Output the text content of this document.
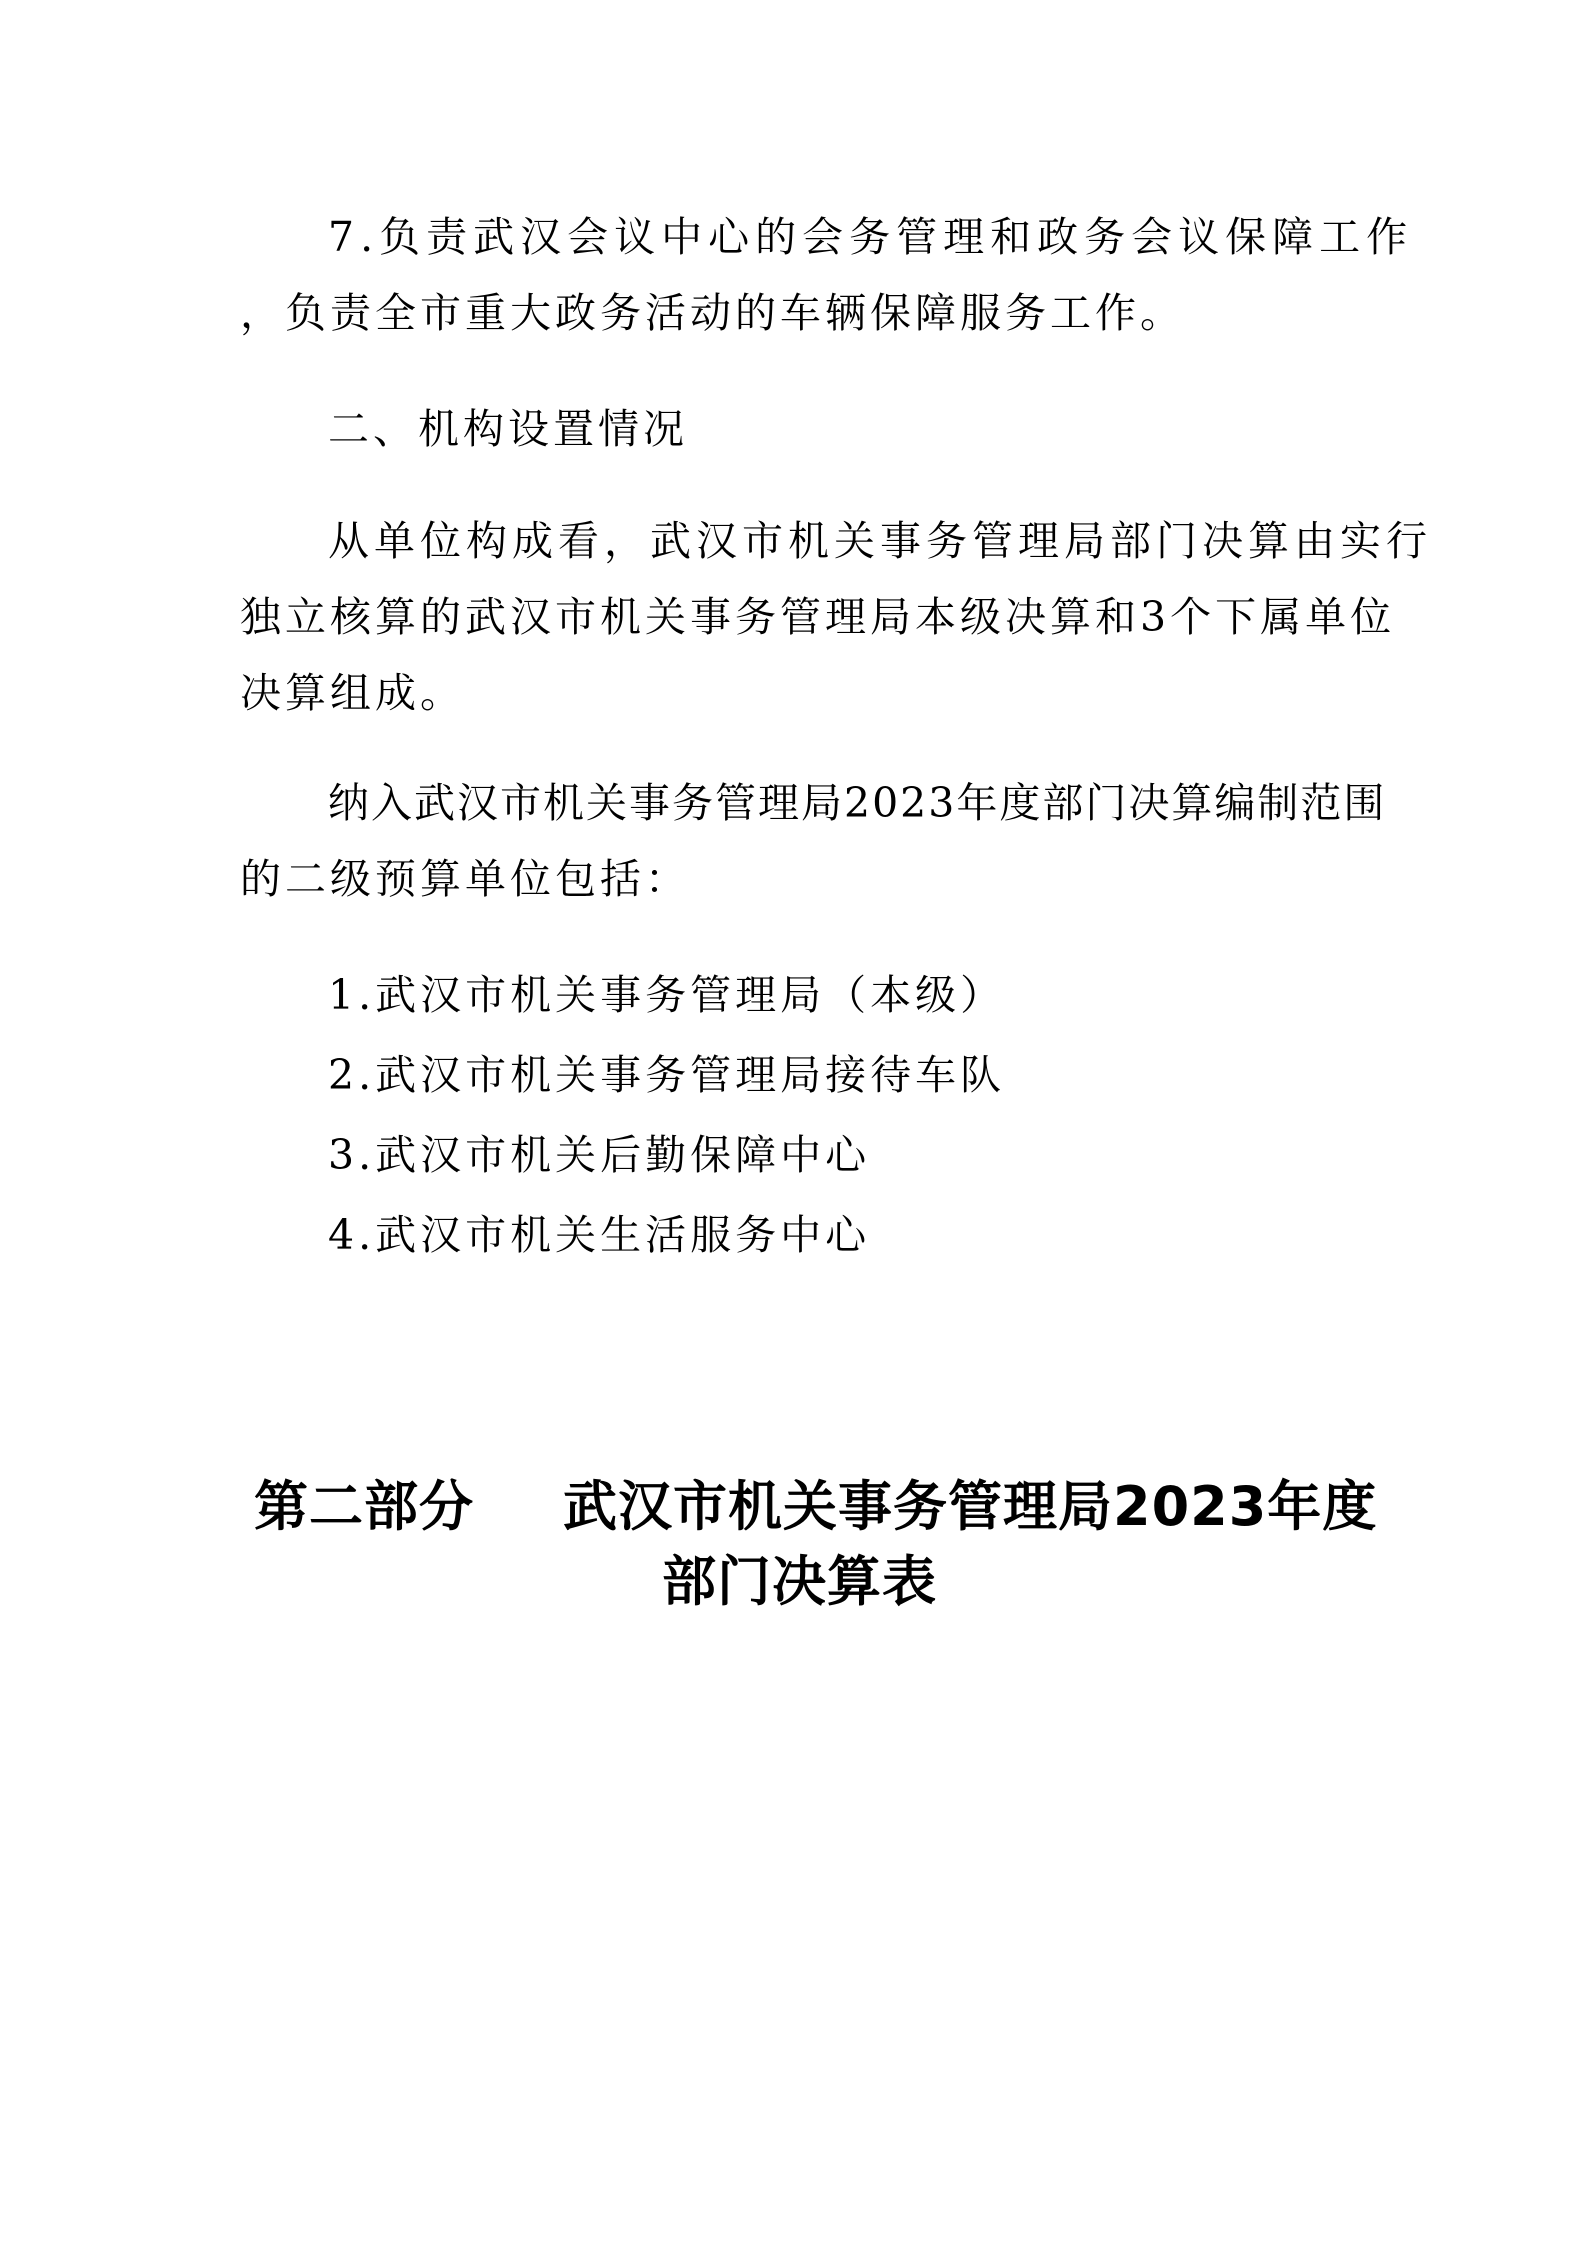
7.负责武汉会议中心的会务管理和政务会议保障工作

，负责全市重大政务活动的车辆保障服务工作。

二、机构设置情况

从单位构成看，武汉市机关事务管理局部门决算由实行

独立核算的武汉市机关事务管理局本级决算和3个下属单位

决算组成。

纳入武汉市机关事务管理局2023年度部门决算编制范围

的二级预算单位包括：

1.武汉市机关事务管理局（本级）
2.武汉市机关事务管理局接待车队
3.武汉市机关后勤保障中心
4.武汉市机关生活服务中心
第二部分 武汉市机关事务管理局2023年度
部门决算表
